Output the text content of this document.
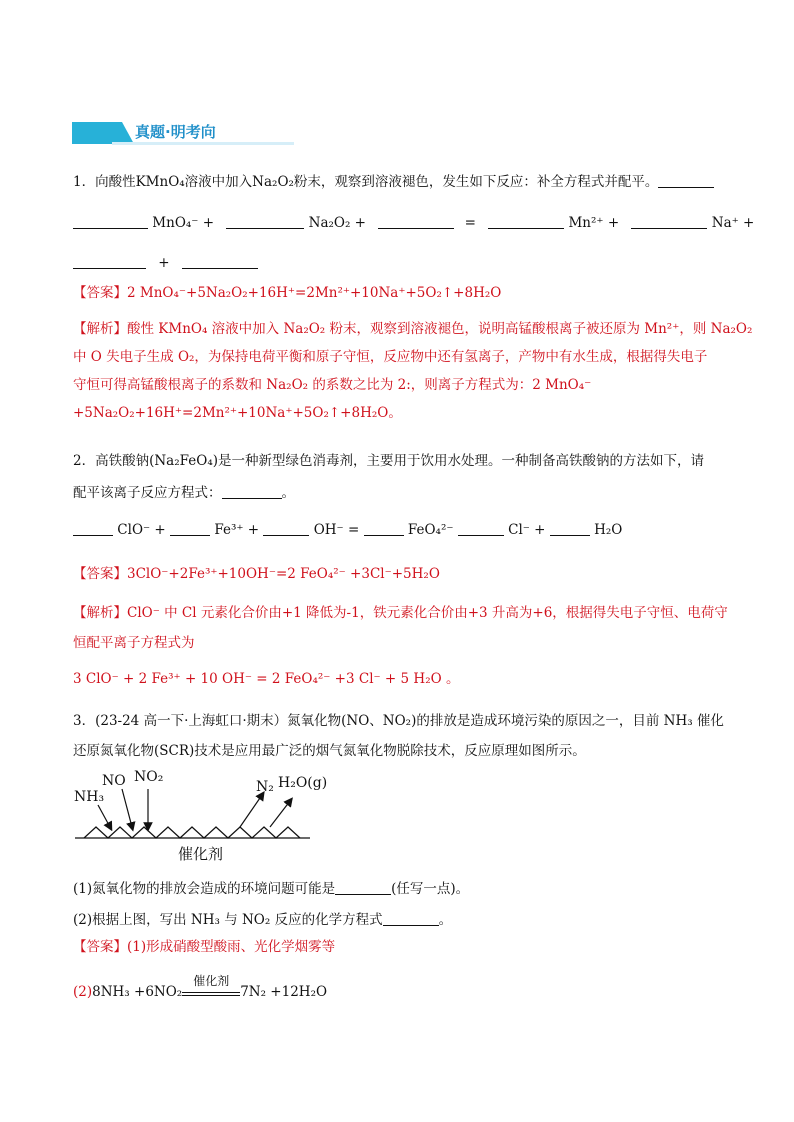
真题·明考向
1．向酸性KMnO₄溶液中加入Na₂O₂粉末，观察到溶液褪色，发生如下反应：补全方程式并配平。
MnO₄⁻ +	Na₂O₂ +	=	Mn²⁺ +	Na⁺ +
+
【答案】2 MnO₄⁻+5Na₂O₂+16H⁺=2Mn²⁺+10Na⁺+5O₂↑+8H₂O
【解析】酸性 KMnO₄ 溶液中加入 Na₂O₂ 粉末，观察到溶液褪色，说明高锰酸根离子被还原为 Mn²⁺，则 Na₂O₂
中 O 失电子生成 O₂，为保持电荷平衡和原子守恒，反应物中还有氢离子，产物中有水生成，根据得失电子
守恒可得高锰酸根离子的系数和 Na₂O₂ 的系数之比为 2:，则离子方程式为：2 MnO₄⁻
+5Na₂O₂+16H⁺=2Mn²⁺+10Na⁺+5O₂↑+8H₂O。
2．高铁酸钠(Na₂FeO₄)是一种新型绿色消毒剂，主要用于饮用水处理。一种制备高铁酸钠的方法如下，请
配平该离子反应方程式：	。
ClO⁻ +	Fe³⁺ +	OH⁻ =	FeO₄²⁻	Cl⁻ +	H₂O
【答案】3ClO⁻+2Fe³⁺+10OH⁻=2 FeO₄²⁻ +3Cl⁻+5H₂O
【解析】ClO⁻ 中 Cl 元素化合价由+1 降低为-1，铁元素化合价由+3 升高为+6，根据得失电子守恒、电荷守
恒配平离子方程式为
3 ClO⁻ + 2 Fe³⁺ + 10 OH⁻ = 2 FeO₄²⁻ +3 Cl⁻ + 5 H₂O 。
3．(23-24 高一下·上海虹口·期末）氮氧化物(NO、NO₂)的排放是造成环境污染的原因之一，目前 NH₃ 催化
还原氮氧化物(SCR)技术是应用最广泛的烟气氮氧化物脱除技术，反应原理如图所示。
NH₃
NO NO₂
N₂ H₂O(g)
催化剂
(1)氮氧化物的排放会造成的环境问题可能是	(任写一点)。
(2)根据上图，写出 NH₃ 与 NO₂ 反应的化学方程式	。
【答案】(1)形成硝酸型酸雨、光化学烟雾等
(2)8NH₃ +6NO₂
催化剂
7N₂ +12H₂O
